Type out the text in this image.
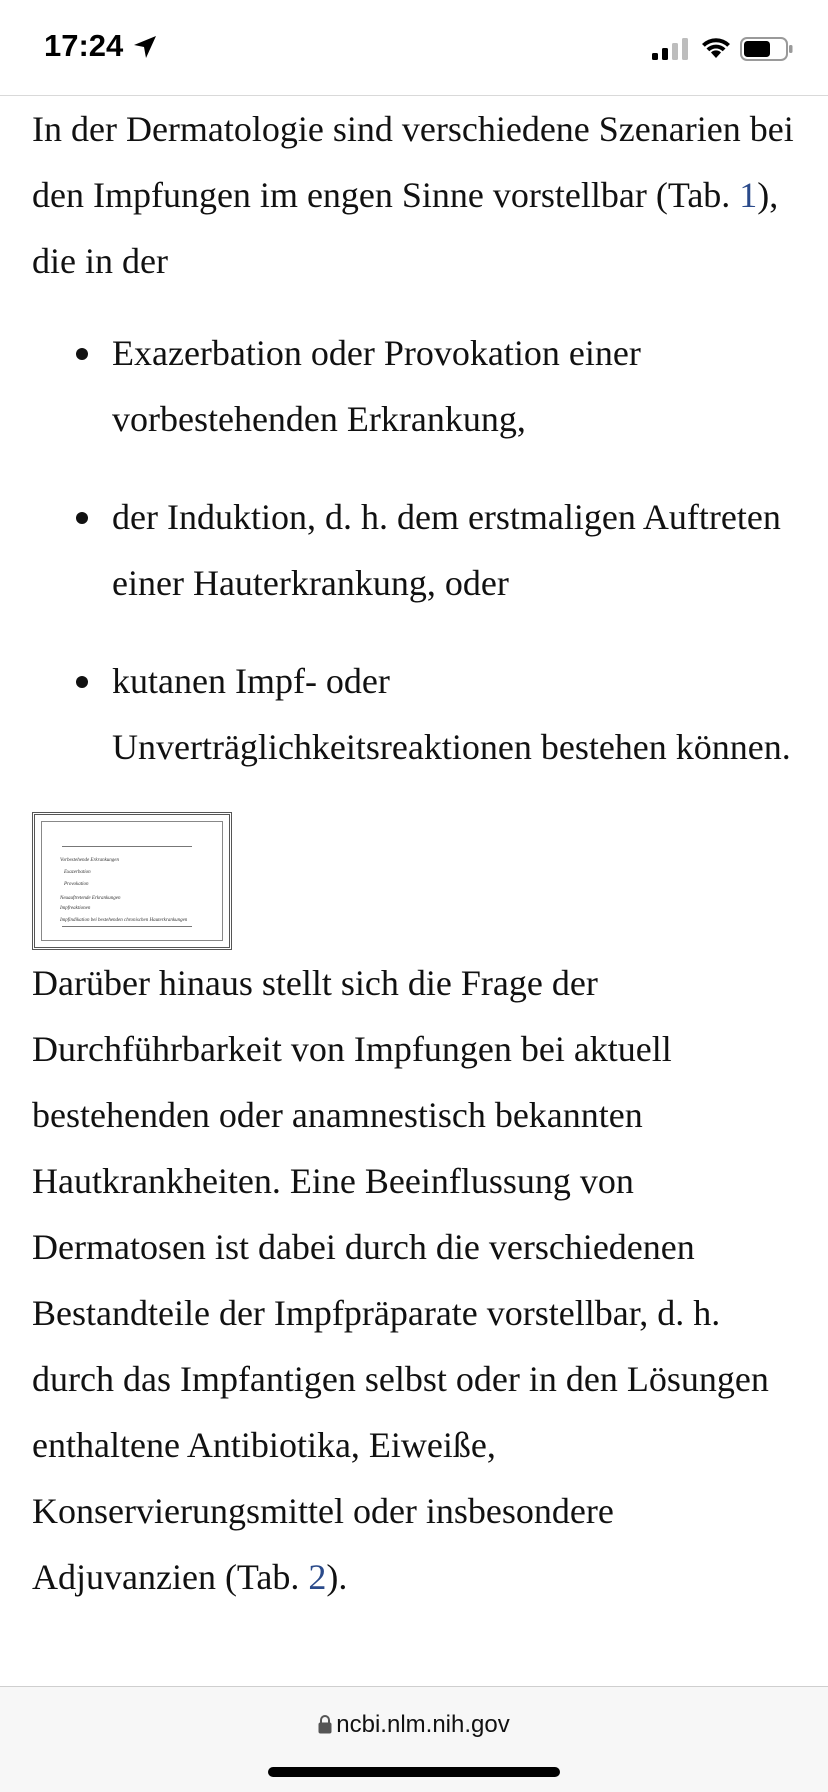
17:24

In der Dermatologie sind verschiedene Szenarien bei den Impfungen im engen Sinne vorstellbar (Tab. 1), die in der

Exazerbation oder Provokation einer vorbestehenden Erkrankung,
der Induktion, d. h. dem erstmaligen Auftreten einer Hauterkrankung, oder
kutanen Impf- oder Unverträglichkeitsreaktionen bestehen können.
Vorbestehende Erkrankungen
Exazerbation
Provokation
Neuauftretende Erkrankungen
Impfreaktionen
Impfindikation bei bestehenden chronischen Hauterkrankungen

Darüber hinaus stellt sich die Frage der Durchführbarkeit von Impfungen bei aktuell bestehenden oder anamnestisch bekannten Hautkrankheiten. Eine Beeinflussung von Dermatosen ist dabei durch die verschiedenen Bestandteile der Impfpräparate vorstellbar, d. h. durch das Impfantigen selbst oder in den Lösungen enthaltene Antibiotika, Eiweiße, Konservierungsmittel oder insbesondere Adjuvanzien (Tab. 2).

ncbi.nlm.nih.gov
